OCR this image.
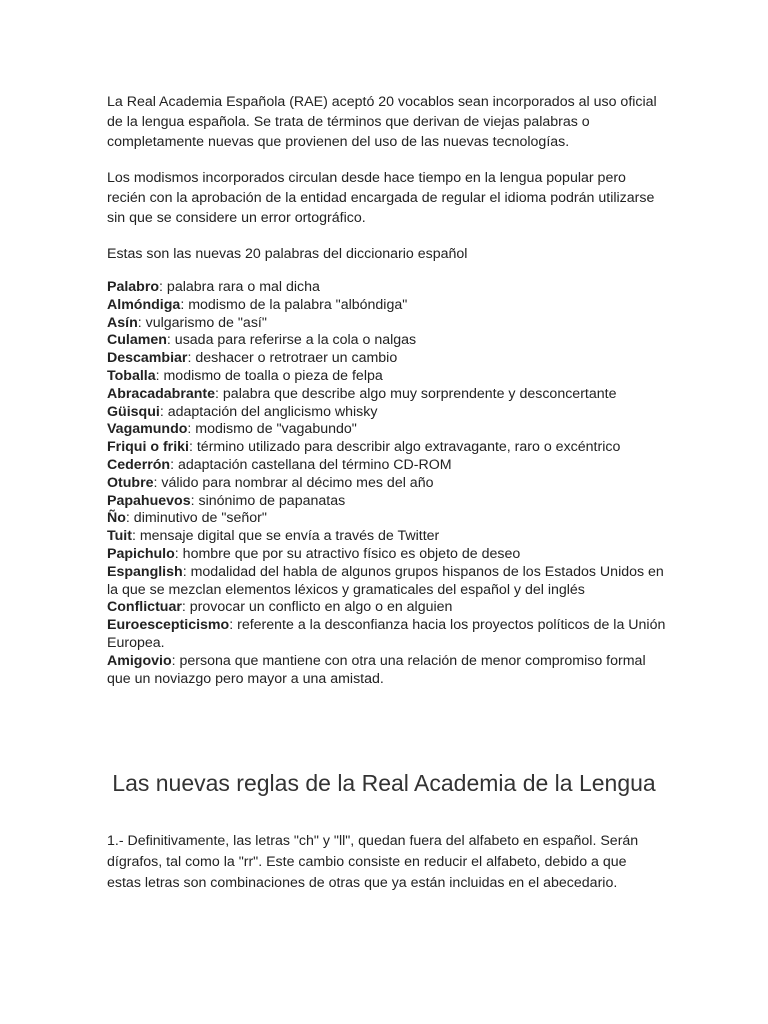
La Real Academia Española (RAE) aceptó 20 vocablos sean incorporados al uso oficial de la lengua española. Se trata de términos que derivan de viejas palabras o completamente nuevas que provienen del uso de las nuevas tecnologías.

Los modismos incorporados circulan desde hace tiempo en la lengua popular pero recién con la aprobación de la entidad encargada de regular el idioma podrán utilizarse sin que se considere un error ortográfico.

Estas son las nuevas 20 palabras del diccionario español

Palabro: palabra rara o mal dicha

Almóndiga: modismo de la palabra "albóndiga"

Asín: vulgarismo de "así"

Culamen: usada para referirse a la cola o nalgas

Descambiar: deshacer o retrotraer un cambio

Toballa: modismo de toalla o pieza de felpa

Abracadabrante: palabra que describe algo muy sorprendente y desconcertante

Güisqui: adaptación del anglicismo whisky

Vagamundo: modismo de "vagabundo"

Friqui o friki: término utilizado para describir algo extravagante, raro o excéntrico

Cederrón: adaptación castellana del término CD-ROM

Otubre: válido para nombrar al décimo mes del año

Papahuevos: sinónimo de papanatas

Ño: diminutivo de "señor"

Tuit: mensaje digital que se envía a través de Twitter

Papichulo: hombre que por su atractivo físico es objeto de deseo

Espanglish: modalidad del habla de algunos grupos hispanos de los Estados Unidos en la que se mezclan elementos léxicos y gramaticales del español y del inglés

Conflictuar: provocar un conflicto en algo o en alguien

Euroescepticismo: referente a la desconfianza hacia los proyectos políticos de la Unión Europea.

Amigovio: persona que mantiene con otra una relación de menor compromiso formal que un noviazgo pero mayor a una amistad.

Las nuevas reglas de la Real Academia de la Lengua

1.- Definitivamente, las letras "ch" y "ll", quedan fuera del alfabeto en español. Serán dígrafos, tal como la "rr". Este cambio consiste en reducir el alfabeto, debido a que estas letras son combinaciones de otras que ya están incluidas en el abecedario.
